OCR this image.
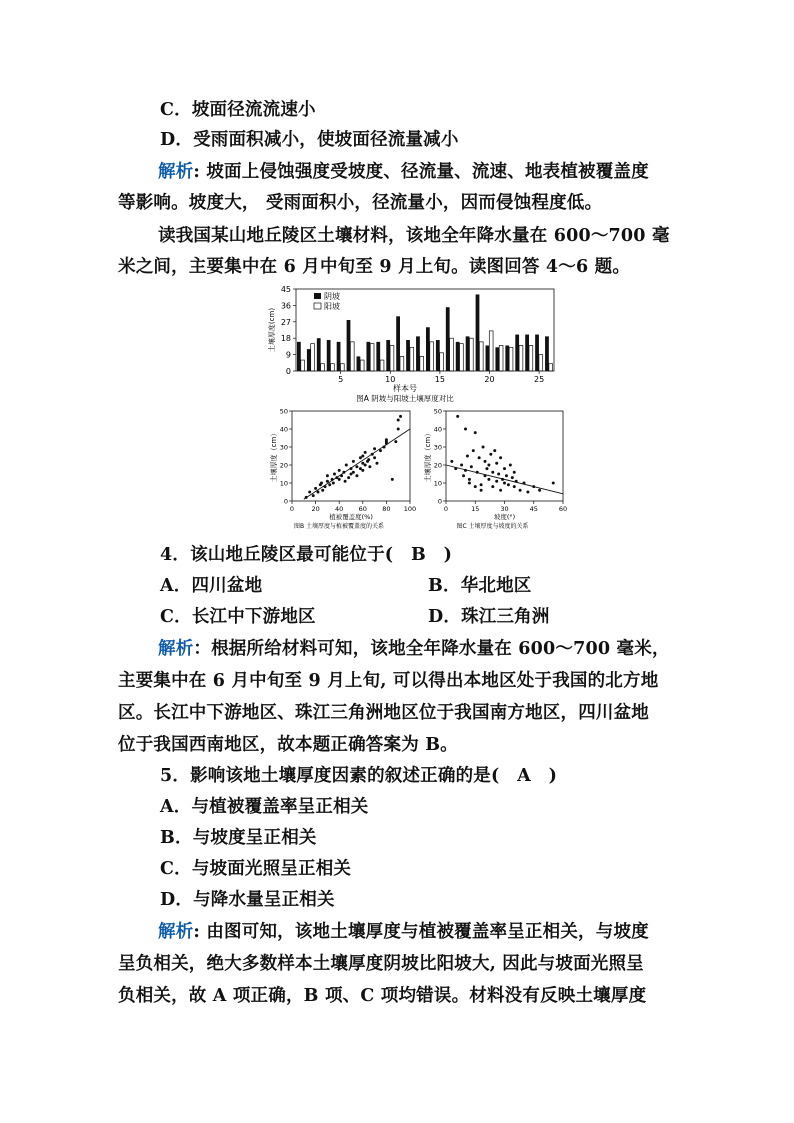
C．坡面径流流速小
D．受雨面积减小，使坡面径流量减小
解析: 坡面上侵蚀强度受坡度、径流量、流速、地表植被覆盖度
等影响。坡度大， 受雨面积小，径流量小，因而侵蚀程度低。
读我国某山地丘陵区土壤材料，该地全年降水量在 600～700 毫
米之间，主要集中在 6 月中旬至 9 月上旬。读图回答 4～6 题。
0
9
18
27
36
45
5	10	15	20	25
样本号
图A 阴坡与阳坡土壤厚度对比
土壤厚度(cm)
阴坡
阳坡
0
10
20
30
40
50
0	20 40 60 80 100
植被覆盖度(%)
图B 土壤厚度与植被覆盖度的关系
土壤厚度（cm）
0
10
20
30
40
50
0	15	30	45	60
坡度(°)
图C 土壤厚度与坡度的关系
土壤厚度（cm）
4．该山地丘陵区最可能位于(　B　)
A．四川盆地	B．华北地区
C．长江中下游地区	D．珠江三角洲
解析：根据所给材料可知，该地全年降水量在 600～700 毫米，
主要集中在 6 月中旬至 9 月上旬, 可以得出本地区处于我国的北方地
区。长江中下游地区、珠江三角洲地区位于我国南方地区，四川盆地
位于我国西南地区，故本题正确答案为 B。
5．影响该地土壤厚度因素的叙述正确的是(　A　)
A．与植被覆盖率呈正相关
B．与坡度呈正相关
C．与坡面光照呈正相关
D．与降水量呈正相关
解析: 由图可知，该地土壤厚度与植被覆盖率呈正相关，与坡度
呈负相关，绝大多数样本土壤厚度阴坡比阳坡大, 因此与坡面光照呈
负相关，故 A 项正确，B 项、C 项均错误。材料没有反映土壤厚度
